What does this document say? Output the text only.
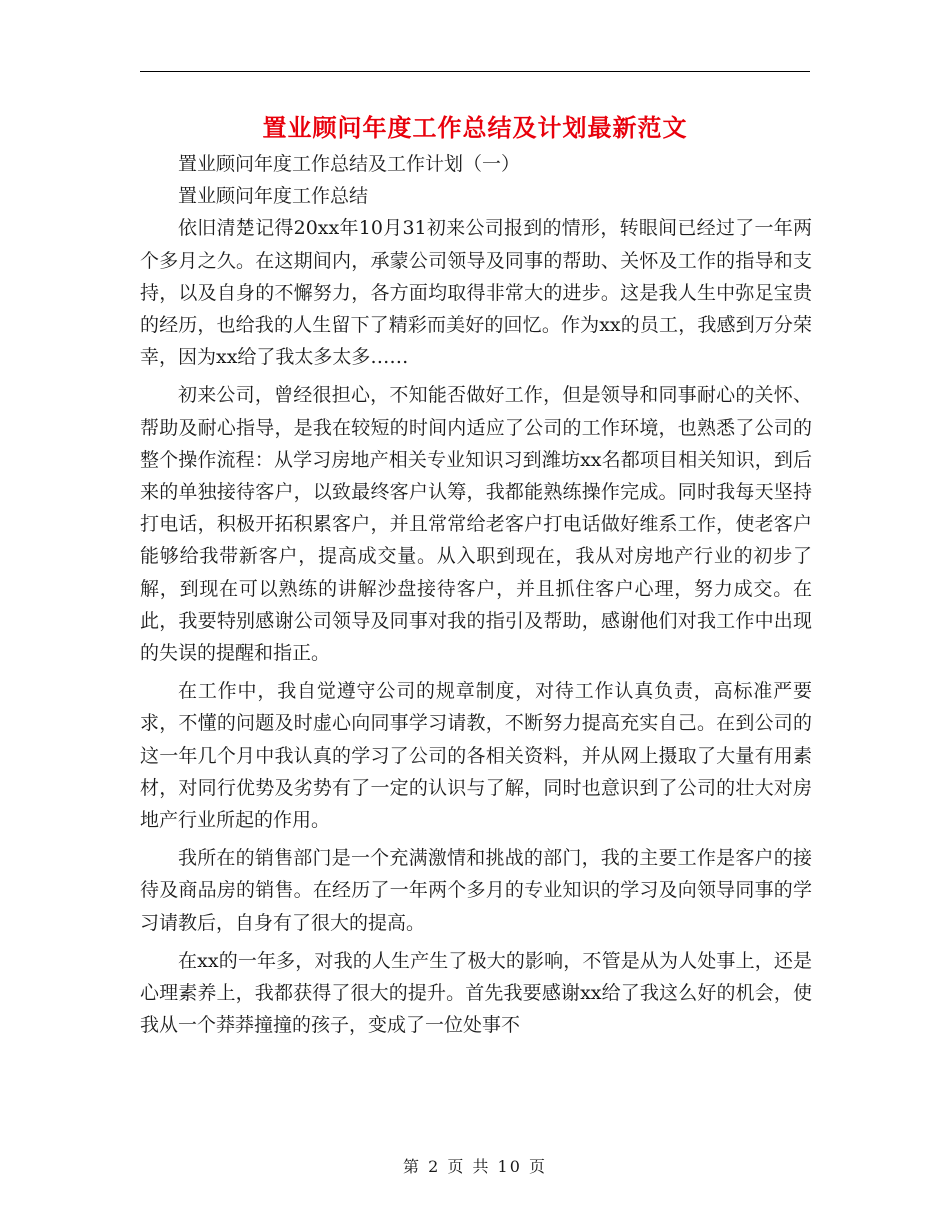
置业顾问年度工作总结及计划最新范文

置业顾问年度工作总结及工作计划（一）

置业顾问年度工作总结

依旧清楚记得20xx年10月31初来公司报到的情形，转眼间已经过了一年两个多月之久。在这期间内，承蒙公司领导及同事的帮助、关怀及工作的指导和支持，以及自身的不懈努力，各方面均取得非常大的进步。这是我人生中弥足宝贵的经历，也给我的人生留下了精彩而美好的回忆。作为xx的员工，我感到万分荣幸，因为xx给了我太多太多……

初来公司，曾经很担心，不知能否做好工作，但是领导和同事耐心的关怀、帮助及耐心指导，是我在较短的时间内适应了公司的工作环境，也熟悉了公司的整个操作流程：从学习房地产相关专业知识习到潍坊xx名都项目相关知识，到后来的单独接待客户，以致最终客户认筹，我都能熟练操作完成。同时我每天坚持打电话，积极开拓积累客户，并且常常给老客户打电话做好维系工作，使老客户能够给我带新客户，提高成交量。从入职到现在，我从对房地产行业的初步了解，到现在可以熟练的讲解沙盘接待客户，并且抓住客户心理，努力成交。在此，我要特别感谢公司领导及同事对我的指引及帮助，感谢他们对我工作中出现的失误的提醒和指正。

在工作中，我自觉遵守公司的规章制度，对待工作认真负责，高标准严要求，不懂的问题及时虚心向同事学习请教，不断努力提高充实自己。在到公司的这一年几个月中我认真的学习了公司的各相关资料，并从网上摄取了大量有用素材，对同行优势及劣势有了一定的认识与了解，同时也意识到了公司的壮大对房地产行业所起的作用。

我所在的销售部门是一个充满激情和挑战的部门，我的主要工作是客户的接待及商品房的销售。在经历了一年两个多月的专业知识的学习及向领导同事的学习请教后，自身有了很大的提高。

在xx的一年多，对我的人生产生了极大的影响，不管是从为人处事上，还是心理素养上，我都获得了很大的提升。首先我要感谢xx给了我这么好的机会，使我从一个莽莽撞撞的孩子，变成了一位处事不

第 2 页 共 10 页
